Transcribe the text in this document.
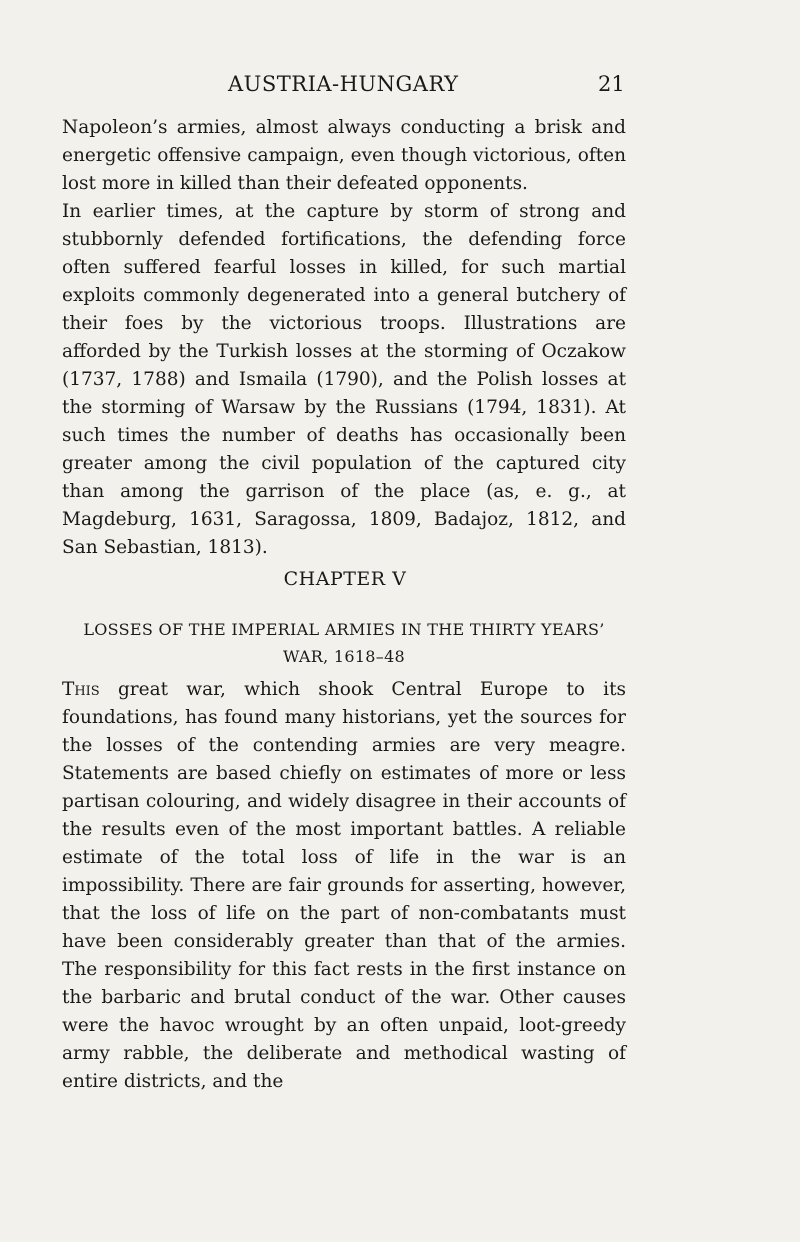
AUSTRIA-HUNGARY	21

Napoleon’s armies, almost always conducting a brisk and energetic offensive campaign, even though victorious, often lost more in killed than their defeated opponents.

In earlier times, at the capture by storm of strong and stubbornly defended fortifications, the defending force often suffered fearful losses in killed, for such martial exploits commonly degenerated into a general butchery of their foes by the victorious troops. Illustrations are afforded by the Turkish losses at the storming of Oczakow (1737, 1788) and Ismaila (1790), and the Polish losses at the storming of Warsaw by the Russians (1794, 1831). At such times the number of deaths has occasionally been greater among the civil population of the captured city than among the garrison of the place (as, e. g., at Magdeburg, 1631, Saragossa, 1809, Badajoz, 1812, and San Sebastian, 1813).

CHAPTER V
LOSSES OF THE IMPERIAL ARMIES IN THE THIRTY YEARS’ WAR, 1618–48

This great war, which shook Central Europe to its foundations, has found many historians, yet the sources for the losses of the contending armies are very meagre. Statements are based chiefly on estimates of more or less partisan colouring, and widely disagree in their accounts of the results even of the most important battles. A reliable estimate of the total loss of life in the war is an impossibility. There are fair grounds for asserting, however, that the loss of life on the part of non-combatants must have been considerably greater than that of the armies. The responsibility for this fact rests in the first instance on the barbaric and brutal conduct of the war. Other causes were the havoc wrought by an often unpaid, loot-greedy army rabble, the deliberate and methodical wasting of entire districts, and the
